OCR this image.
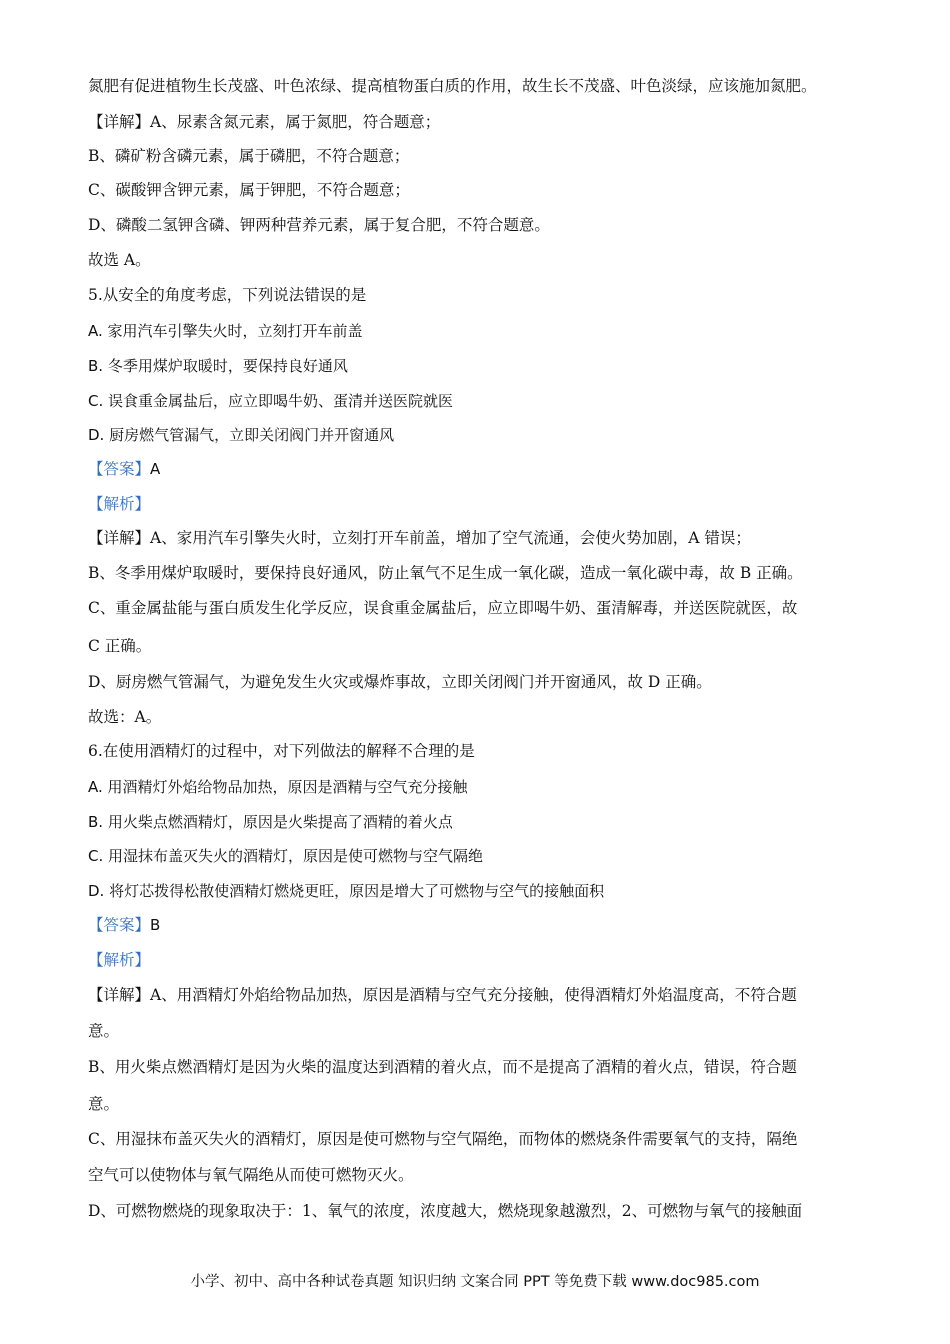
氮肥有促进植物生长茂盛、叶色浓绿、提高植物蛋白质的作用，故生长不茂盛、叶色淡绿，应该施加氮肥。
【详解】A、尿素含氮元素，属于氮肥，符合题意；
B、磷矿粉含磷元素，属于磷肥，不符合题意；
C、碳酸钾含钾元素，属于钾肥，不符合题意；
D、磷酸二氢钾含磷、钾两种营养元素，属于复合肥，不符合题意。
故选 A。
5.从安全的角度考虑，下列说法错误的是
A. 家用汽车引擎失火时，立刻打开车前盖
B. 冬季用煤炉取暖时，要保持良好通风
C. 误食重金属盐后，应立即喝牛奶、蛋清并送医院就医
D. 厨房燃气管漏气，立即关闭阀门并开窗通风
【答案】A
【解析】
【详解】A、家用汽车引擎失火时，立刻打开车前盖，增加了空气流通，会使火势加剧，A 错误；
B、冬季用煤炉取暖时，要保持良好通风，防止氧气不足生成一氧化碳，造成一氧化碳中毒，故 B 正确。
C、重金属盐能与蛋白质发生化学反应，误食重金属盐后，应立即喝牛奶、蛋清解毒，并送医院就医，故
C 正确。
D、厨房燃气管漏气，为避免发生火灾或爆炸事故，立即关闭阀门并开窗通风，故 D 正确。
故选：A。
6.在使用酒精灯的过程中，对下列做法的解释不合理的是
A. 用酒精灯外焰给物品加热，原因是酒精与空气充分接触
B. 用火柴点燃酒精灯，原因是火柴提高了酒精的着火点
C. 用湿抹布盖灭失火的酒精灯，原因是使可燃物与空气隔绝
D. 将灯芯拨得松散使酒精灯燃烧更旺，原因是增大了可燃物与空气的接触面积
【答案】B
【解析】
【详解】A、用酒精灯外焰给物品加热，原因是酒精与空气充分接触，使得酒精灯外焰温度高，不符合题
意。
B、用火柴点燃酒精灯是因为火柴的温度达到酒精的着火点，而不是提高了酒精的着火点，错误，符合题
意。
C、用湿抹布盖灭失火的酒精灯，原因是使可燃物与空气隔绝，而物体的燃烧条件需要氧气的支持，隔绝
空气可以使物体与氧气隔绝从而使可燃物灭火。
D、可燃物燃烧的现象取决于：1、氧气的浓度，浓度越大，燃烧现象越激烈，2、可燃物与氧气的接触面
小学、初中、高中各种试卷真题 知识归纳 文案合同 PPT 等免费下载 www.doc985.com
